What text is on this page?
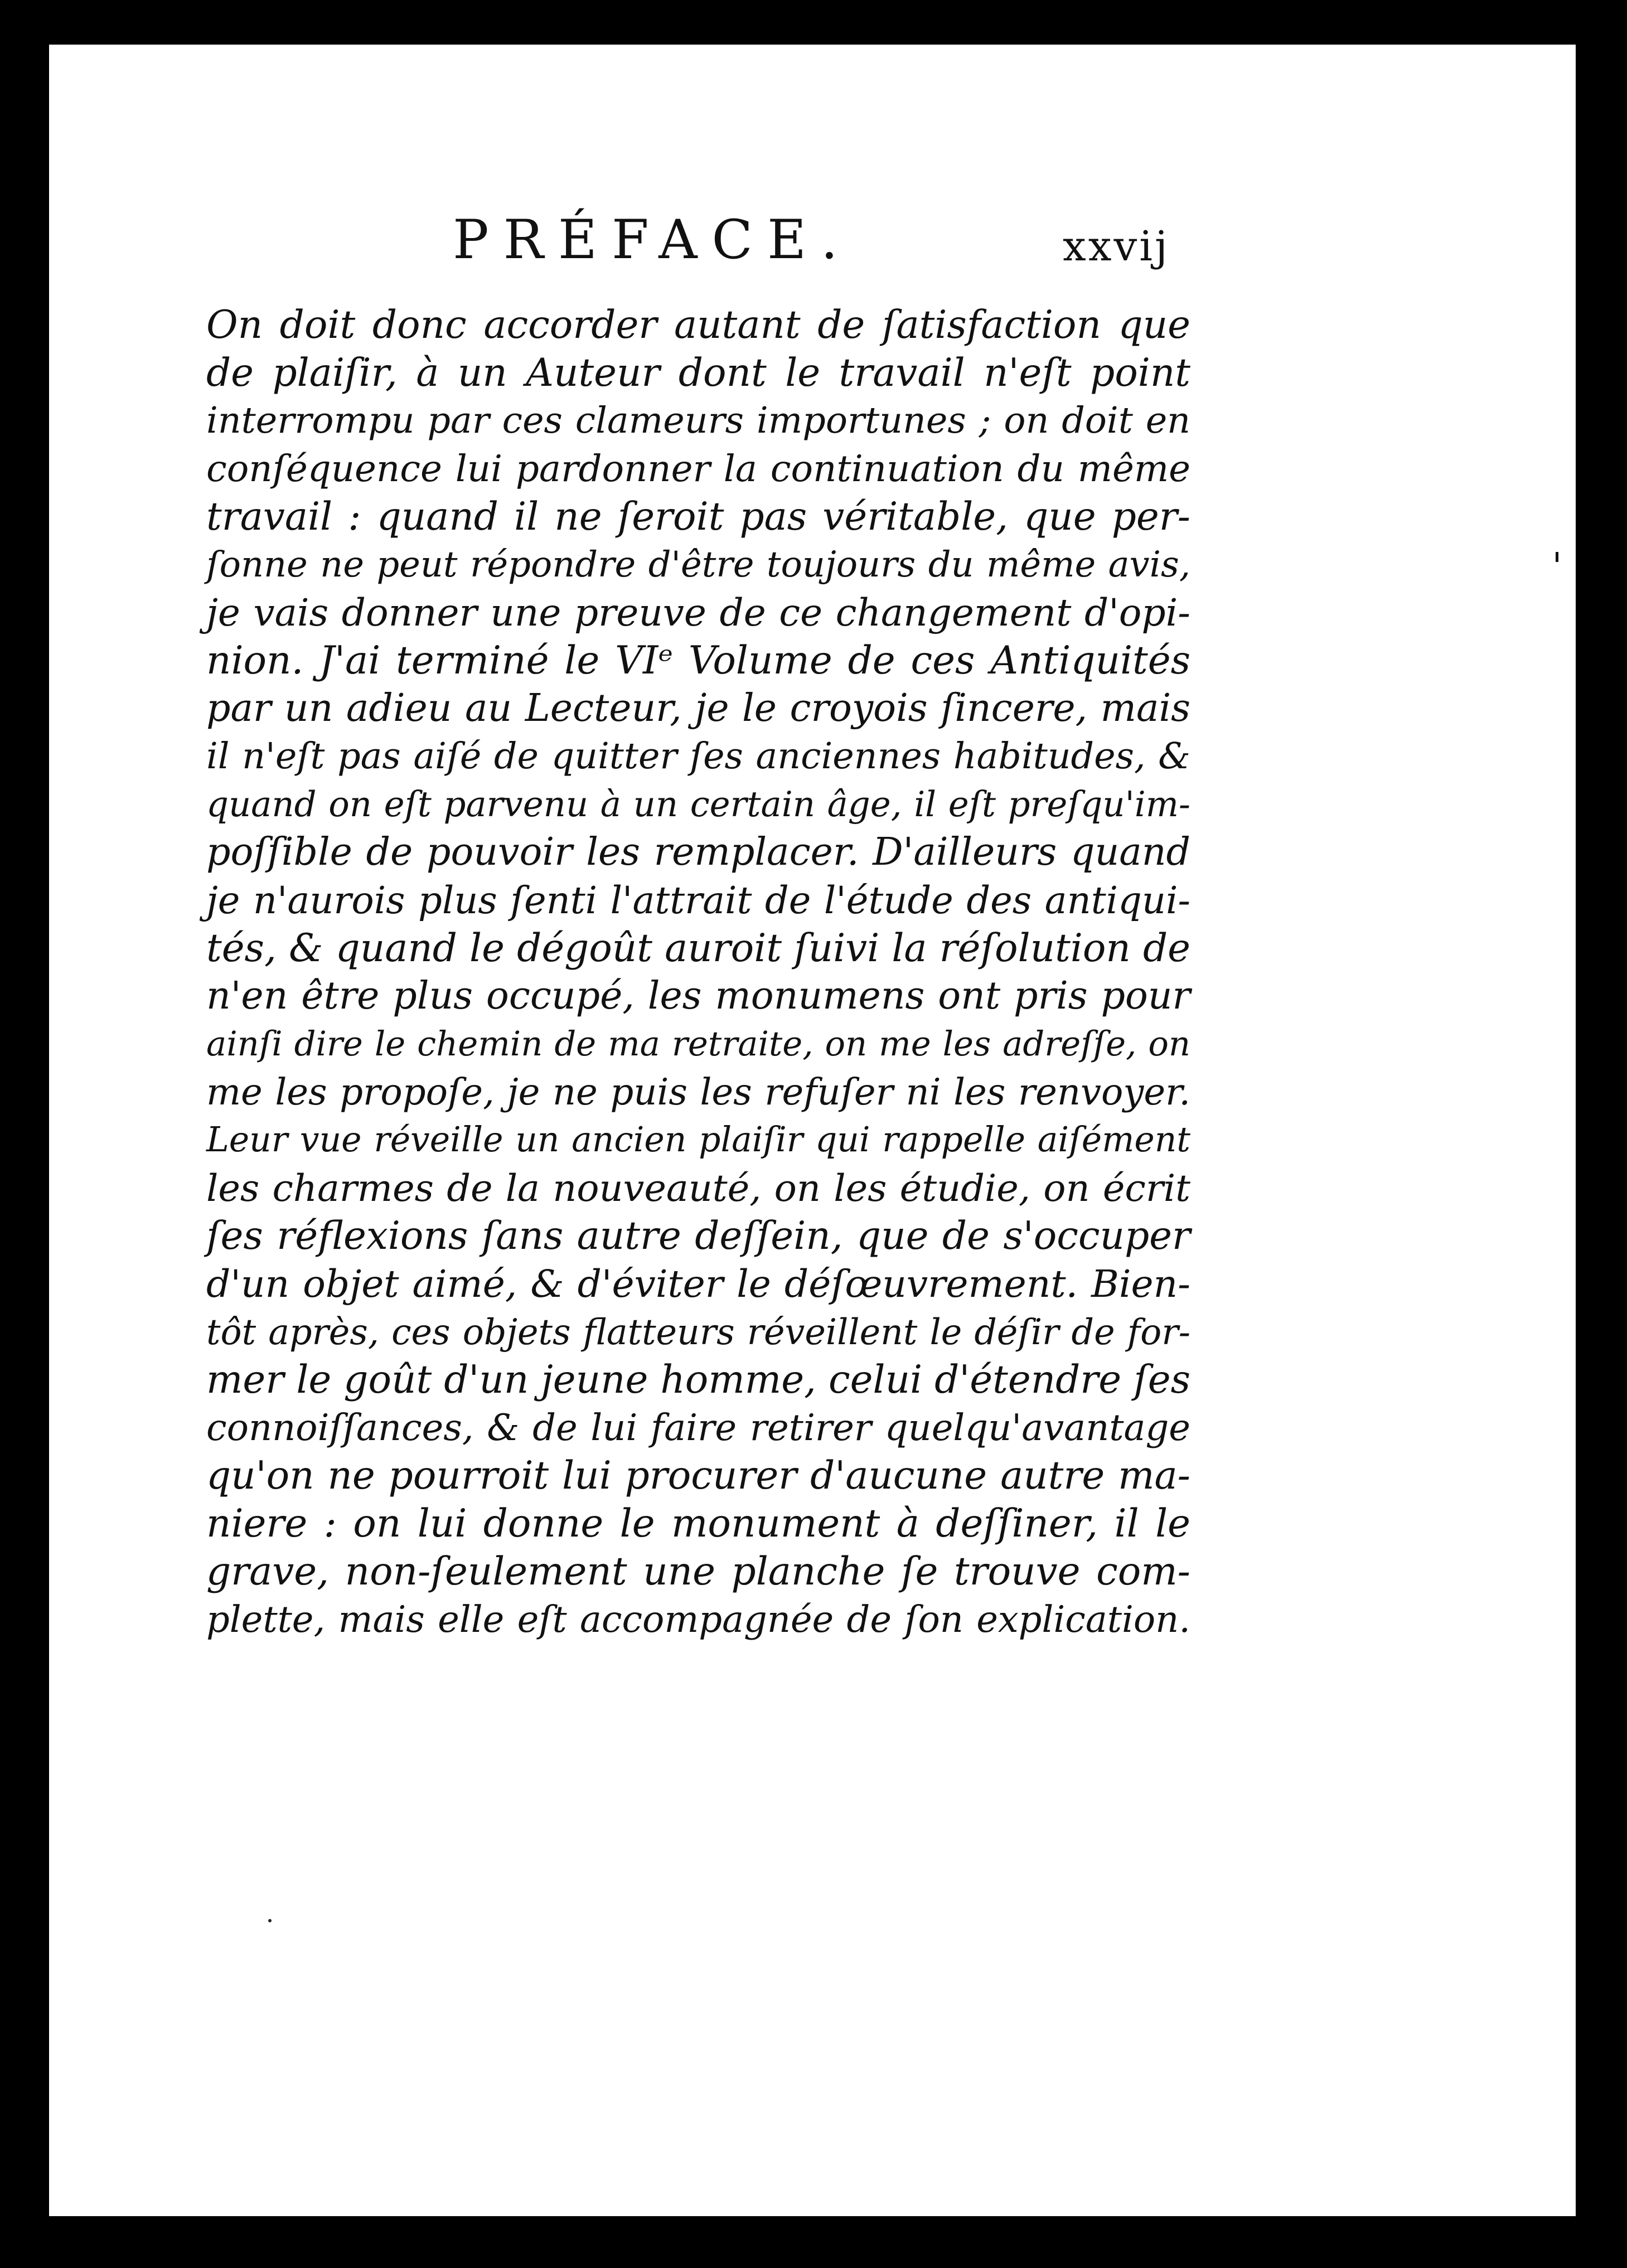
PRÉFACE.	xxvij
On doit donc accorder autant de ſatisfaction que
de plaiſir, à un Auteur dont le travail n'eſt point
interrompu par ces clameurs importunes ; on doit en
conſéquence lui pardonner la continuation du même
travail : quand il ne ſeroit pas véritable, que per-
ſonne ne peut répondre d'être toujours du même avis,
je vais donner une preuve de ce changement d'opi-
nion. J'ai terminé le VIᵉ Volume de ces Antiquités
par un adieu au Lecteur, je le croyois ſincere, mais
il n'eſt pas aiſé de quitter ſes anciennes habitudes, &
quand on eſt parvenu à un certain âge, il eſt preſqu'im-
poſſible de pouvoir les remplacer. D'ailleurs quand
je n'aurois plus ſenti l'attrait de l'étude des antiqui-
tés, & quand le dégoût auroit ſuivi la réſolution de
n'en être plus occupé, les monumens ont pris pour
ainſi dire le chemin de ma retraite, on me les adreſſe, on
me les propoſe, je ne puis les refuſer ni les renvoyer.
Leur vue réveille un ancien plaiſir qui rappelle aiſément
les charmes de la nouveauté, on les étudie, on écrit
ſes réflexions ſans autre deſſein, que de s'occuper
d'un objet aimé, & d'éviter le déſœuvrement. Bien-
tôt après, ces objets flatteurs réveillent le déſir de for-
mer le goût d'un jeune homme, celui d'étendre ſes
connoiſſances, & de lui faire retirer quelqu'avantage
qu'on ne pourroit lui procurer d'aucune autre ma-
niere : on lui donne le monument à deſſiner, il le
grave, non-ſeulement une planche ſe trouve com-
plette, mais elle eſt accompagnée de ſon explication.
